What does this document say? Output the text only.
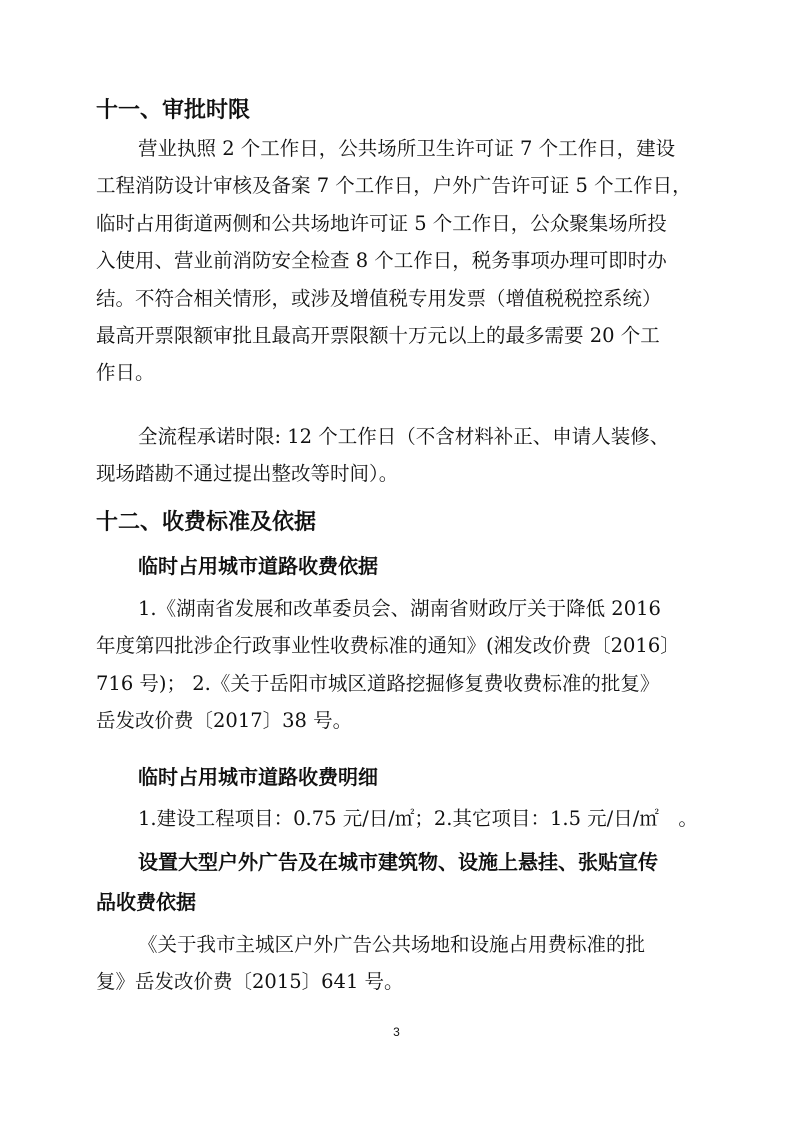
十一、审批时限
营业执照 2 个工作日，公共场所卫生许可证 7 个工作日，建设
工程消防设计审核及备案 7 个工作日，户外广告许可证 5 个工作日，
临时占用街道两侧和公共场地许可证 5 个工作日，公众聚集场所投
入使用、营业前消防安全检查 8 个工作日，税务事项办理可即时办
结。不符合相关情形，或涉及增值税专用发票（增值税税控系统）
最高开票限额审批且最高开票限额十万元以上的最多需要 20 个工
作日。
全流程承诺时限: 12 个工作日（不含材料补正、申请人装修、
现场踏勘不通过提出整改等时间）。
十二、收费标准及依据
临时占用城市道路收费依据
1.《湖南省发展和改革委员会、湖南省财政厅关于降低 2016
年度第四批涉企行政事业性收费标准的通知》(湘发改价费〔2016〕
716 号)； 2.《关于岳阳市城区道路挖掘修复费收费标准的批复》
岳发改价费〔2017〕38 号。
临时占用城市道路收费明细
1.建设工程项目：0.75 元/日/㎡；2.其它项目：1.5 元/日/㎡　。
设置大型户外广告及在城市建筑物、设施上悬挂、张贴宣传
品收费依据
《关于我市主城区户外广告公共场地和设施占用费标准的批
复》岳发改价费〔2015〕641 号。
3
